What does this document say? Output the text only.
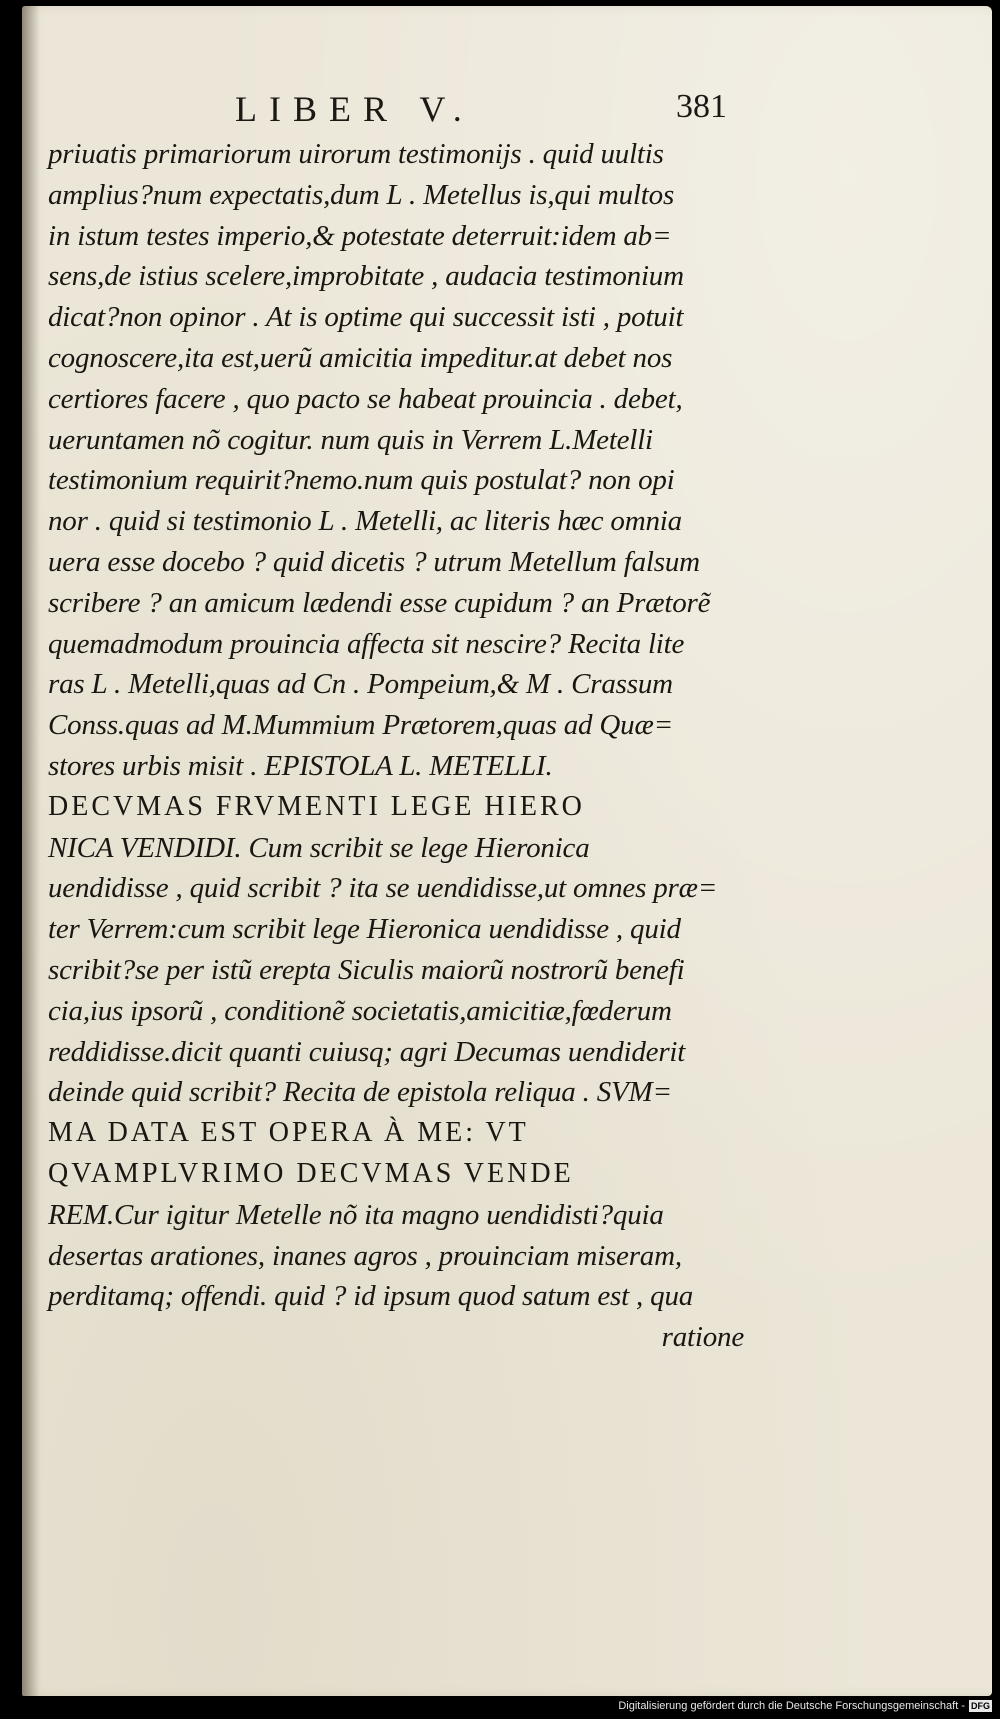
LIBER V.	381
priuatis primariorum uirorum testimonijs . quid uultis
amplius?num expectatis,dum L . Metellus is,qui multos
in istum testes imperio,& potestate deterruit:idem ab=
sens,de istius scelere,improbitate , audacia testimonium
dicat?non opinor . At is optime qui successit isti , potuit
cognoscere,ita est,uerũ amicitia impeditur.at debet nos
certiores facere , quo pacto se habeat prouincia . debet,
ueruntamen nõ cogitur. num quis in Verrem L.Metelli
testimonium requirit?nemo.num quis postulat? non opi
nor . quid si testimonio L . Metelli, ac literis hæc omnia
uera esse docebo ? quid dicetis ? utrum Metellum falsum
scribere ? an amicum lædendi esse cupidum ? an Prætorẽ
quemadmodum prouincia affecta sit nescire? Recita lite
ras L . Metelli,quas ad Cn . Pompeium,& M . Crassum
Conss.quas ad M.Mummium Prætorem,quas ad Quæ=
stores urbis misit . EPISTOLA L. METELLI.
DECVMAS FRVMENTI LEGE HIERO
NICA VENDIDI. Cum scribit se lege Hieronica
uendidisse , quid scribit ? ita se uendidisse,ut omnes præ=
ter Verrem:cum scribit lege Hieronica uendidisse , quid
scribit?se per istũ erepta Siculis maiorũ nostrorũ benefi
cia,ius ipsorũ , conditionẽ societatis,amicitiæ,fœderum
reddidisse.dicit quanti cuiusq; agri Decumas uendiderit
deinde quid scribit? Recita de epistola reliqua . SVM=
MA DATA EST OPERA À ME: VT
QVAMPLVRIMO DECVMAS VENDE
REM.Cur igitur Metelle nõ ita magno uendidisti?quia
desertas arationes, inanes agros , prouinciam miseram,
perditamq; offendi. quid ? id ipsum quod satum est , qua
ratione
Digitalisierung gefördert durch die Deutsche Forschungsgemeinschaft - DFG
